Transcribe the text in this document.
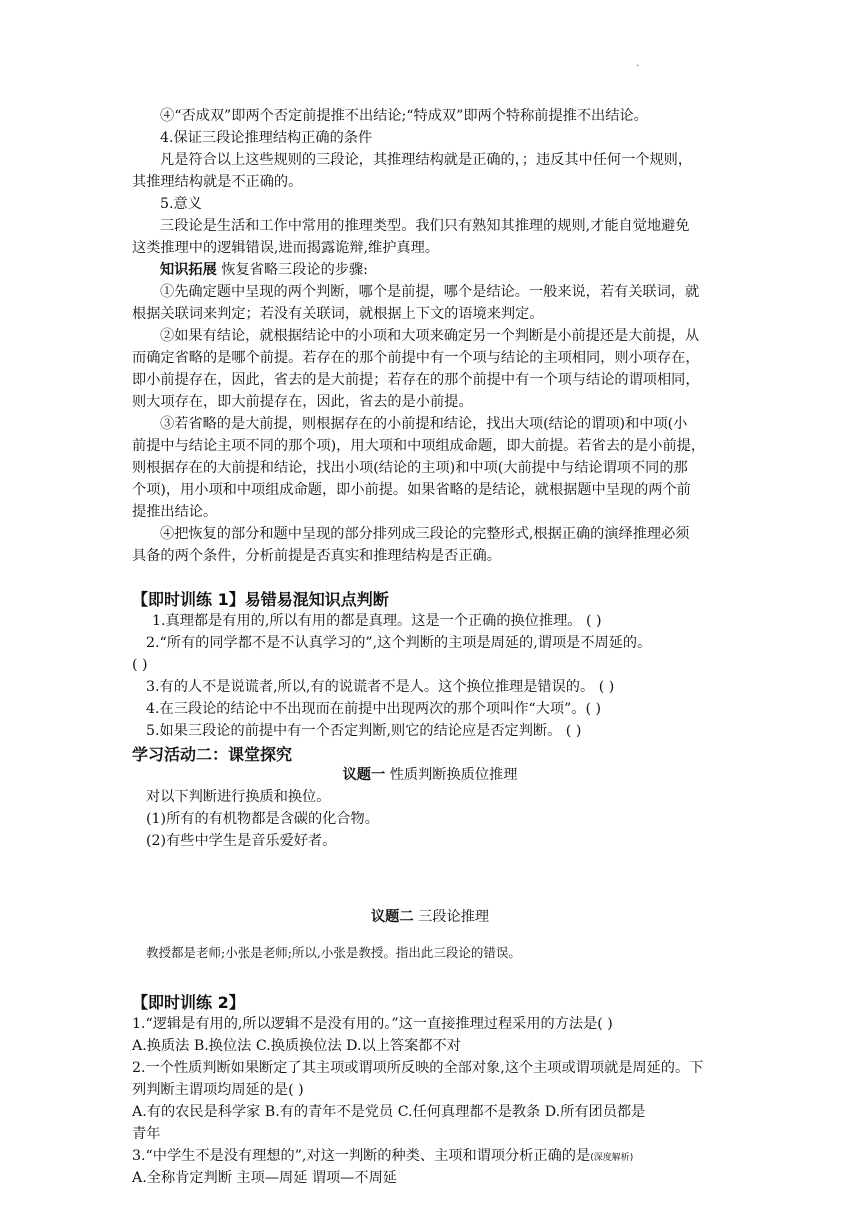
.
④“否成双”即两个否定前提推不出结论;“特成双”即两个特称前提推不出结论。
4.保证三段论推理结构正确的条件
凡是符合以上这些规则的三段论，其推理结构就是正确的，；违反其中任何一个规则，
其推理结构就是不正确的。
5.意义
三段论是生活和工作中常用的推理类型。我们只有熟知其推理的规则,才能自觉地避免
这类推理中的逻辑错误,进而揭露诡辩,维护真理。
知识拓展 恢复省略三段论的步骤:
①先确定题中呈现的两个判断，哪个是前提，哪个是结论。一般来说，若有关联词，就
根据关联词来判定；若没有关联词，就根据上下文的语境来判定。
②如果有结论，就根据结论中的小项和大项来确定另一个判断是小前提还是大前提，从
而确定省略的是哪个前提。若存在的那个前提中有一个项与结论的主项相同，则小项存在，
即小前提存在，因此，省去的是大前提；若存在的那个前提中有一个项与结论的谓项相同，
则大项存在，即大前提存在，因此，省去的是小前提。
③若省略的是大前提，则根据存在的小前提和结论，找出大项(结论的谓项)和中项(小
前提中与结论主项不同的那个项)，用大项和中项组成命题，即大前提。若省去的是小前提，
则根据存在的大前提和结论，找出小项(结论的主项)和中项(大前提中与结论谓项不同的那
个项)，用小项和中项组成命题，即小前提。如果省略的是结论，就根据题中呈现的两个前
提推出结论。
④把恢复的部分和题中呈现的部分排列成三段论的完整形式,根据正确的演绎推理必须
具备的两个条件，分析前提是否真实和推理结构是否正确。
【即时训练 1】易错易混知识点判断
1.真理都是有用的,所以有用的都是真理。这是一个正确的换位推理。 ( )
2.“所有的同学都不是不认真学习的”,这个判断的主项是周延的,谓项是不周延的。
( )
3.有的人不是说谎者,所以,有的说谎者不是人。这个换位推理是错误的。 ( )
4.在三段论的结论中不出现而在前提中出现两次的那个项叫作“大项”。( )
5.如果三段论的前提中有一个否定判断,则它的结论应是否定判断。 ( )
学习活动二：课堂探究
议题一 性质判断换质位推理
对以下判断进行换质和换位。
(1)所有的有机物都是含碳的化合物。
(2)有些中学生是音乐爱好者。
议题二 三段论推理
教授都是老师;小张是老师;所以,小张是教授。指出此三段论的错误。
【即时训练 2】
1.“逻辑是有用的,所以逻辑不是没有用的。”这一直接推理过程采用的方法是( )
A.换质法 B.换位法 C.换质换位法 D.以上答案都不对
2.一个性质判断如果断定了其主项或谓项所反映的全部对象,这个主项或谓项就是周延的。下
列判断主谓项均周延的是( )
A.有的农民是科学家 B.有的青年不是党员 C.任何真理都不是教条 D.所有团员都是
青年
3.“中学生不是没有理想的”,对这一判断的种类、主项和谓项分析正确的是(深度解析)
A.全称肯定判断 主项—周延 谓项—不周延
